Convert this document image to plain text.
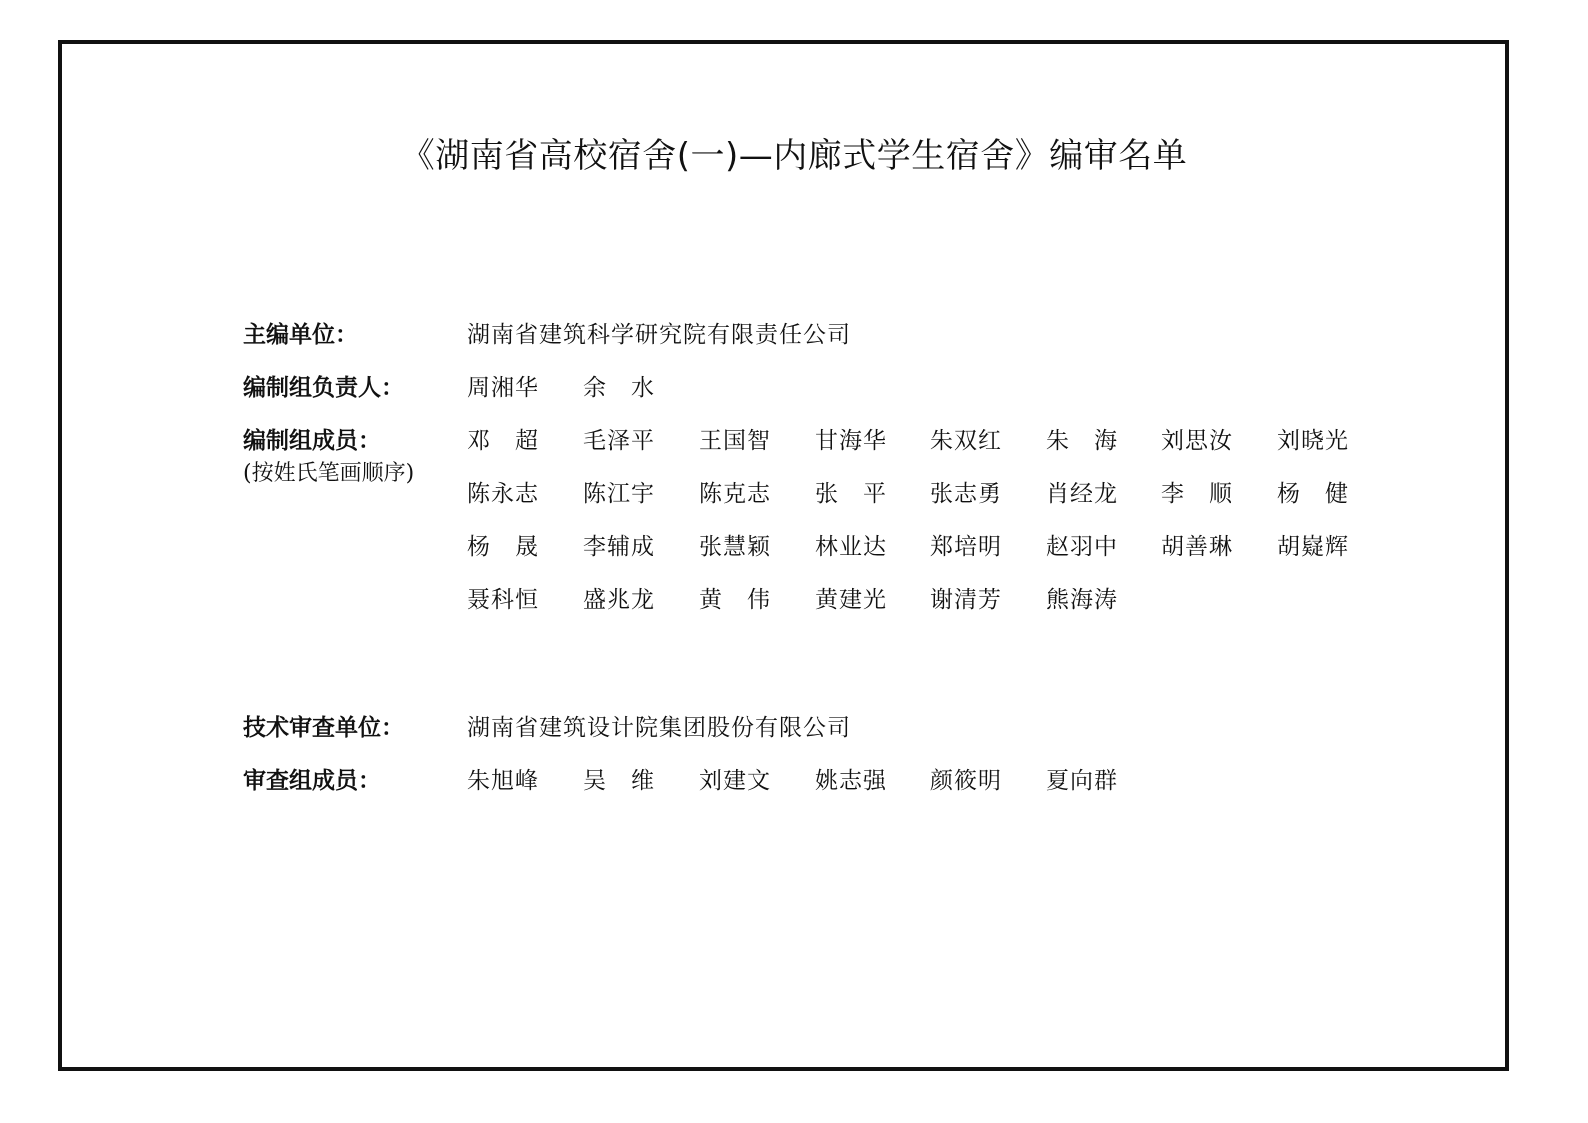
《湖南省高校宿舍(一)—内廊式学生宿舍》编审名单
主编单位：	湖南省建筑科学研究院有限责任公司
编制组负责人：	周湘华	余　水
编制组成员：
(按姓氏笔画顺序)
邓　超	毛泽平	王国智	甘海华	朱双红	朱　海	刘思汝	刘晓光
陈永志	陈江宇	陈克志	张　平	张志勇	肖经龙	李　顺	杨　健
杨　晟	李辅成	张慧颖	林业达	郑培明	赵羽中	胡善琳	胡嶷辉
聂科恒	盛兆龙	黄　伟	黄建光	谢清芳	熊海涛
技术审查单位：	湖南省建筑设计院集团股份有限公司
审查组成员：	朱旭峰	吴　维	刘建文	姚志强	颜筱明	夏向群
